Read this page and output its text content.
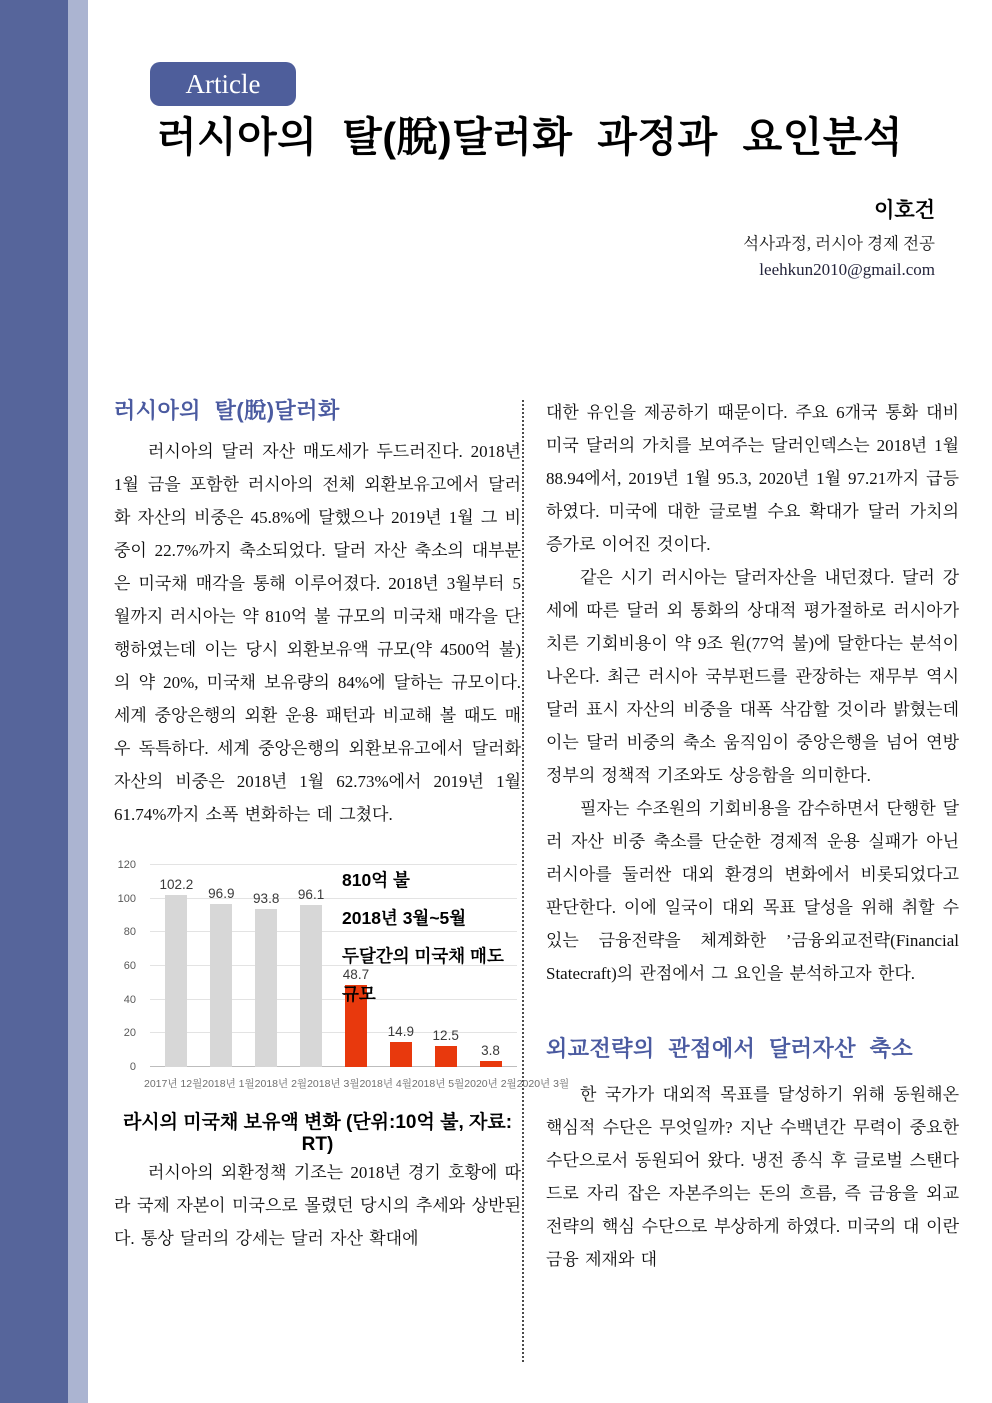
Article
러시아의 탈(脫)달러화 과정과 요인분석
이호건
석사과정, 러시아 경제 전공
leehkun2010@gmail.com
러시아의 탈(脫)달러화

러시아의 달러 자산 매도세가 두드러진다. 2018년 1월 금을 포함한 러시아의 전체 외환보유고에서 달러화 자산의 비중은 45.8%에 달했으나 2019년 1월 그 비중이 22.7%까지 축소되었다. 달러 자산 축소의 대부분은 미국채 매각을 통해 이루어졌다. 2018년 3월부터 5월까지 러시아는 약 810억 불 규모의 미국채 매각을 단행하였는데 이는 당시 외환보유액 규모(약 4500억 불)의 약 20%, 미국채 보유량의 84%에 달하는 규모이다. 세계 중앙은행의 외환 운용 패턴과 비교해 볼 때도 매우 독특하다. 세계 중앙은행의 외환보유고에서 달러화 자산의 비중은 2018년 1월 62.73%에서 2019년 1월 61.74%까지 소폭 변화하는 데 그쳤다.

0
20
40
60
80
100
120
102.2
96.9 93.8 96.1
48.7
14.9 12.5
3.8
2017년 12월 2018년 1월 2018년 2월 2018년 3월 2018년 4월 2018년 5월 2020년 2월 2020년 3월
810억 불
2018년 3월~5월
두달간의 미국채 매도 규모
라시의 미국채 보유액 변화 (단위:10억 불, 자료: RT)

러시아의 외환정책 기조는 2018년 경기 호황에 따라 국제 자본이 미국으로 몰렸던 당시의 추세와 상반된다. 통상 달러의 강세는 달러 자산 확대에

대한 유인을 제공하기 때문이다. 주요 6개국 통화 대비 미국 달러의 가치를 보여주는 달러인덱스는 2018년 1월 88.94에서, 2019년 1월 95.3, 2020년 1월 97.21까지 급등하였다. 미국에 대한 글로벌 수요 확대가 달러 가치의 증가로 이어진 것이다.

같은 시기 러시아는 달러자산을 내던졌다. 달러 강세에 따른 달러 외 통화의 상대적 평가절하로 러시아가 치른 기회비용이 약 9조 원(77억 불)에 달한다는 분석이 나온다. 최근 러시아 국부펀드를 관장하는 재무부 역시 달러 표시 자산의 비중을 대폭 삭감할 것이라 밝혔는데 이는 달러 비중의 축소 움직임이 중앙은행을 넘어 연방정부의 정책적 기조와도 상응함을 의미한다.

필자는 수조원의 기회비용을 감수하면서 단행한 달러 자산 비중 축소를 단순한 경제적 운용 실패가 아닌 러시아를 둘러싼 대외 환경의 변화에서 비롯되었다고 판단한다. 이에 일국이 대외 목표 달성을 위해 취할 수 있는 금융전략을 체계화한 ’금융외교전략(Financial Statecraft)의 관점에서 그 요인을 분석하고자 한다.

외교전략의 관점에서 달러자산 축소

한 국가가 대외적 목표를 달성하기 위해 동원해온 핵심적 수단은 무엇일까? 지난 수백년간 무력이 중요한 수단으로서 동원되어 왔다. 냉전 종식 후 글로벌 스탠다드로 자리 잡은 자본주의는 돈의 흐름, 즉 금융을 외교전략의 핵심 수단으로 부상하게 하였다. 미국의 대 이란 금융 제재와 대
